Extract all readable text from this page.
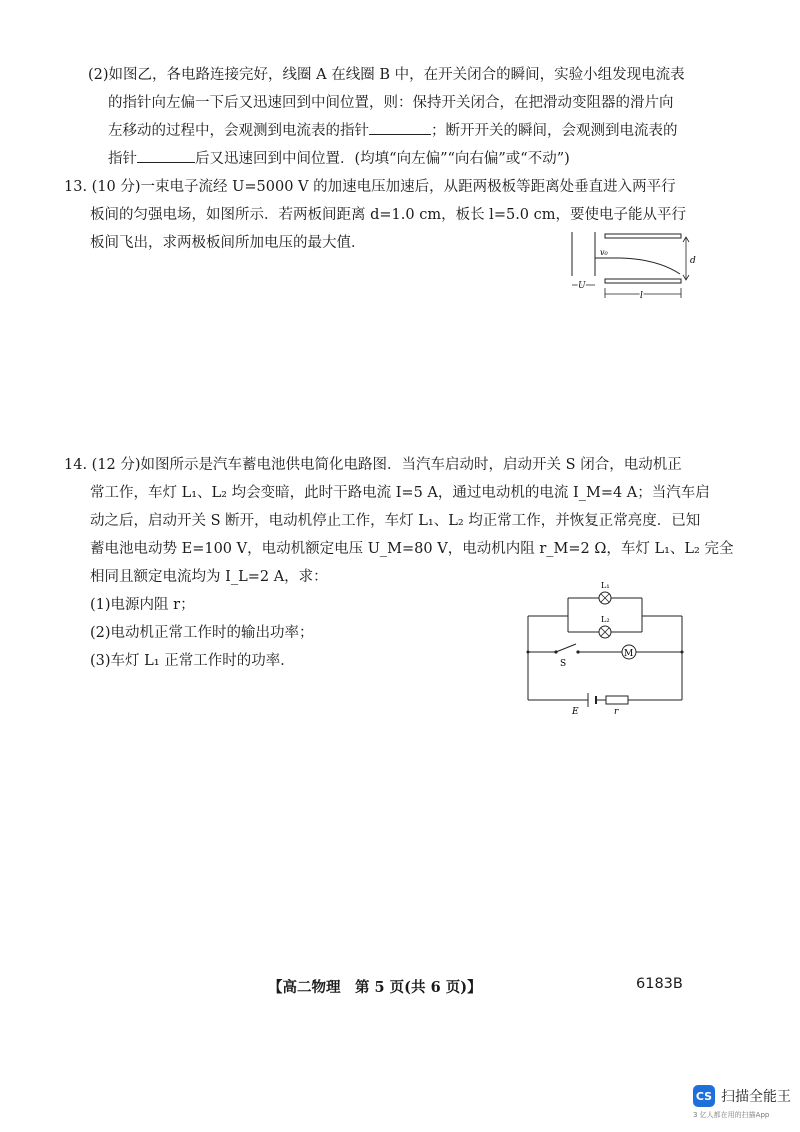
(2)如图乙，各电路连接完好，线圈 A 在线圈 B 中，在开关闭合的瞬间，实验小组发现电流表

的指针向左偏一下后又迅速回到中间位置，则：保持开关闭合，在把滑动变阻器的滑片向

左移动的过程中，会观测到电流表的指针	；断开开关的瞬间，会观测到电流表的

指针	后又迅速回到中间位置．(均填“向左偏”“向右偏”或“不动”)

13. (10 分)一束电子流经 U=5000 V 的加速电压加速后，从距两极板等距离处垂直进入两平行

板间的匀强电场，如图所示．若两板间距离 d=1.0 cm，板长 l=5.0 cm，要使电子能从平行

板间飞出，求两极板间所加电压的最大值．

v₀
d
U
l

14. (12 分)如图所示是汽车蓄电池供电简化电路图．当汽车启动时，启动开关 S 闭合，电动机正

常工作，车灯 L₁、L₂ 均会变暗，此时干路电流 I=5 A，通过电动机的电流 I_M=4 A；当汽车启

动之后，启动开关 S 断开，电动机停止工作，车灯 L₁、L₂ 均正常工作，并恢复正常亮度．已知

蓄电池电动势 E=100 V，电动机额定电压 U_M=80 V，电动机内阻 r_M=2 Ω，车灯 L₁、L₂ 完全

相同且额定电流均为 I_L=2 A，求：

(1)电源内阻 r；

(2)电动机正常工作时的输出功率；

(3)车灯 L₁ 正常工作时的功率．

L₁
L₂
S
M
E	r
【高二物理　第 5 页(共 6 页)】	6183B
CS 扫描全能王
3 亿人都在用的扫描App
